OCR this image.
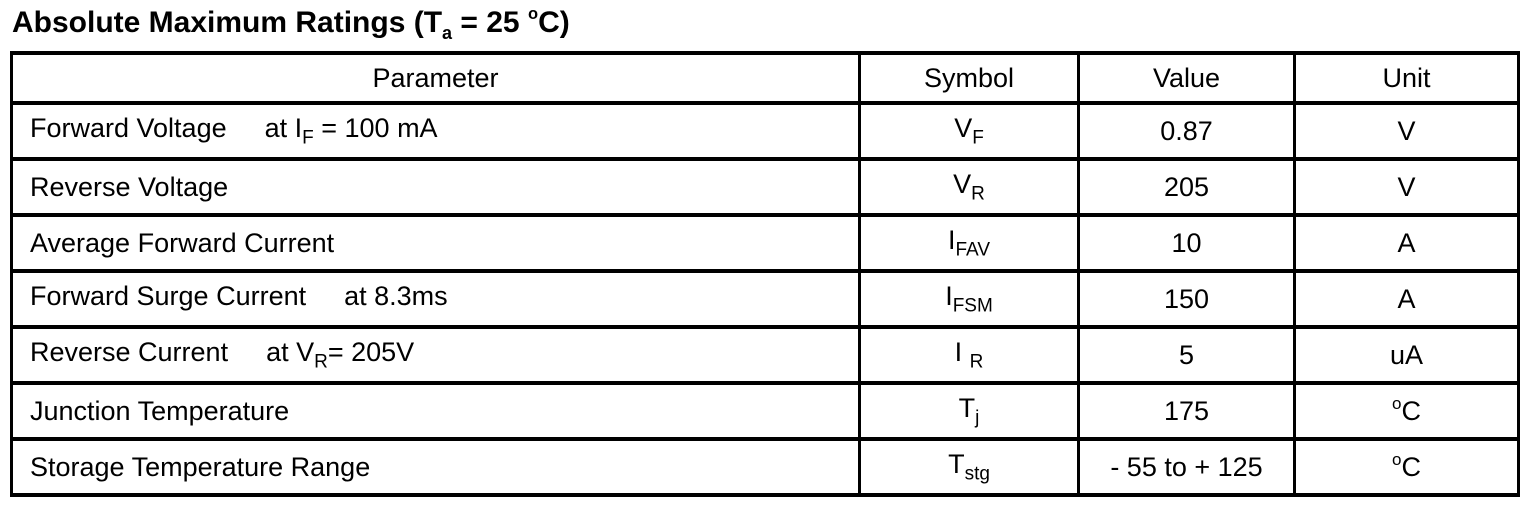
Absolute Maximum Ratings ($T_a = 25$ $^o$C)
Parameter	Symbol	Value	Unit
Forward Voltage at $I_F = 100$ mA	$V_F$	0.87	V
Reverse Voltage	$V_R$	205	V
Average Forward Current	$I_{FAV}$	10	A
Forward Surge Current at 8.3ms	$I_{FSM}$	150	A
Reverse Current at $V_R= 205V$	I $_R$	5	uA
Junction Temperature	$T_j$	175	$^o$C
Storage Temperature Range	$T_{stg}$	- 55 to + 125	$^o$C
